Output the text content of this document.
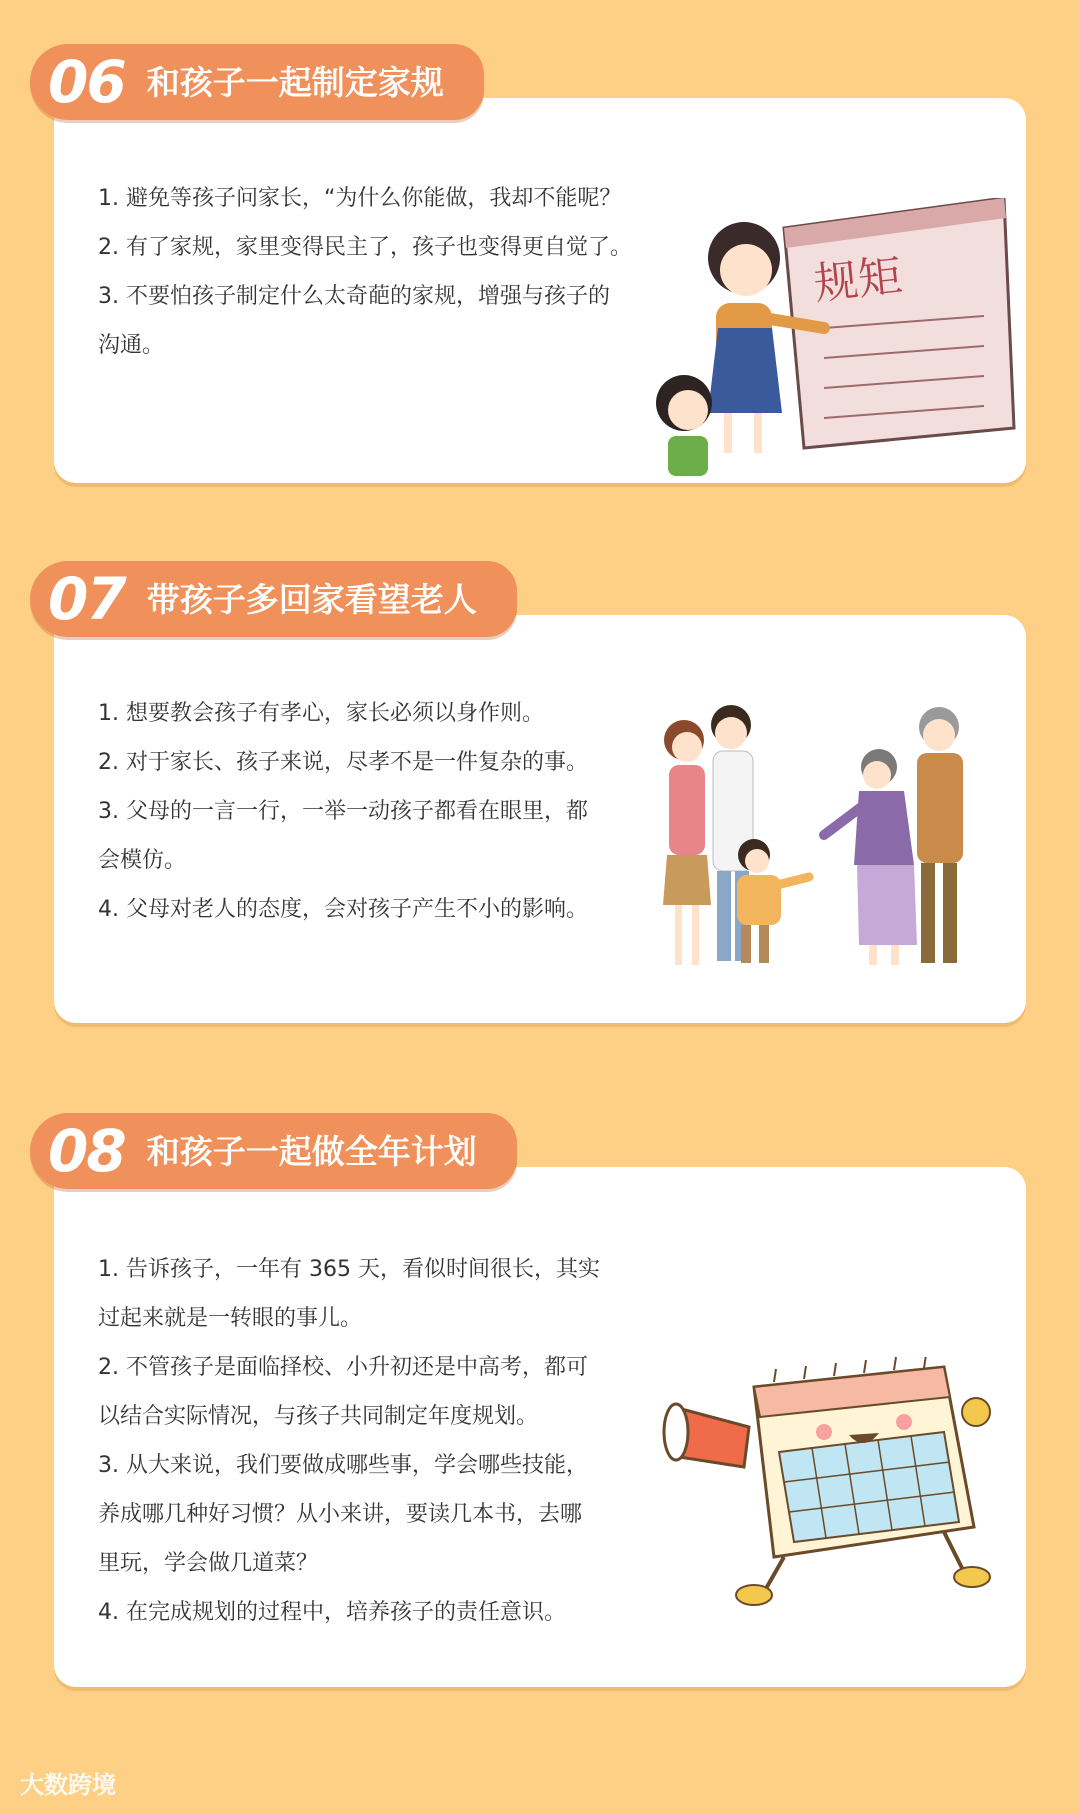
1. 避免等孩子问家长，“为什么你能做，我却不能呢？
2. 有了家规，家里变得民主了，孩子也变得更自觉了。
3. 不要怕孩子制定什么太奇葩的家规，增强与孩子的
沟通。
规矩
06 和孩子一起制定家规
1. 想要教会孩子有孝心，家长必须以身作则。
2. 对于家长、孩子来说，尽孝不是一件复杂的事。
3. 父母的一言一行，一举一动孩子都看在眼里，都
会模仿。
4. 父母对老人的态度，会对孩子产生不小的影响。
07 带孩子多回家看望老人
1. 告诉孩子，一年有 365 天，看似时间很长，其实
过起来就是一转眼的事儿。
2. 不管孩子是面临择校、小升初还是中高考，都可
以结合实际情况，与孩子共同制定年度规划。
3. 从大来说，我们要做成哪些事，学会哪些技能，
养成哪几种好习惯？从小来讲，要读几本书，去哪
里玩，学会做几道菜？
4. 在完成规划的过程中，培养孩子的责任意识。
08 和孩子一起做全年计划
大数跨境
